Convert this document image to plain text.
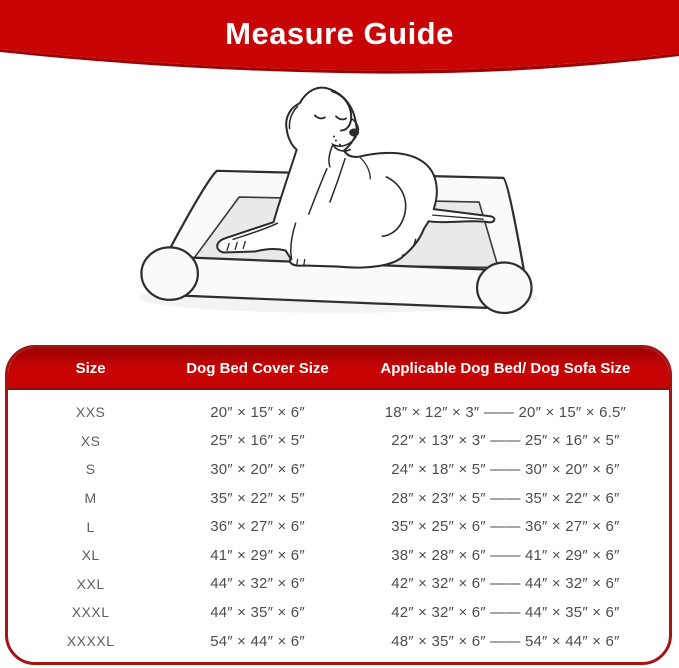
Measure Guide
Size	Dog Bed Cover Size	Applicable Dog Bed/ Dog Sofa Size
XXS	20″ × 15″ × 6″	18″ × 12″ × 3″ —— 20″ × 15″ × 6.5″
XS	25″ × 16″ × 5″	22″ × 13″ × 3″ —— 25″ × 16″ × 5″
S	30″ × 20″ × 6″	24″ × 18″ × 5″ —— 30″ × 20″ × 6″
M	35″ × 22″ × 5″	28″ × 23″ × 5″ —— 35″ × 22″ × 6″
L	36″ × 27″ × 6″	35″ × 25″ × 6″ —— 36″ × 27″ × 6″
XL	41″ × 29″ × 6″	38″ × 28″ × 6″ —— 41″ × 29″ × 6″
XXL	44″ × 32″ × 6″	42″ × 32″ × 6″ —— 44″ × 32″ × 6″
XXXL	44″ × 35″ × 6″	42″ × 32″ × 6″ —— 44″ × 35″ × 6″
XXXXL	54″ × 44″ × 6″	48″ × 35″ × 6″ —— 54″ × 44″ × 6″
